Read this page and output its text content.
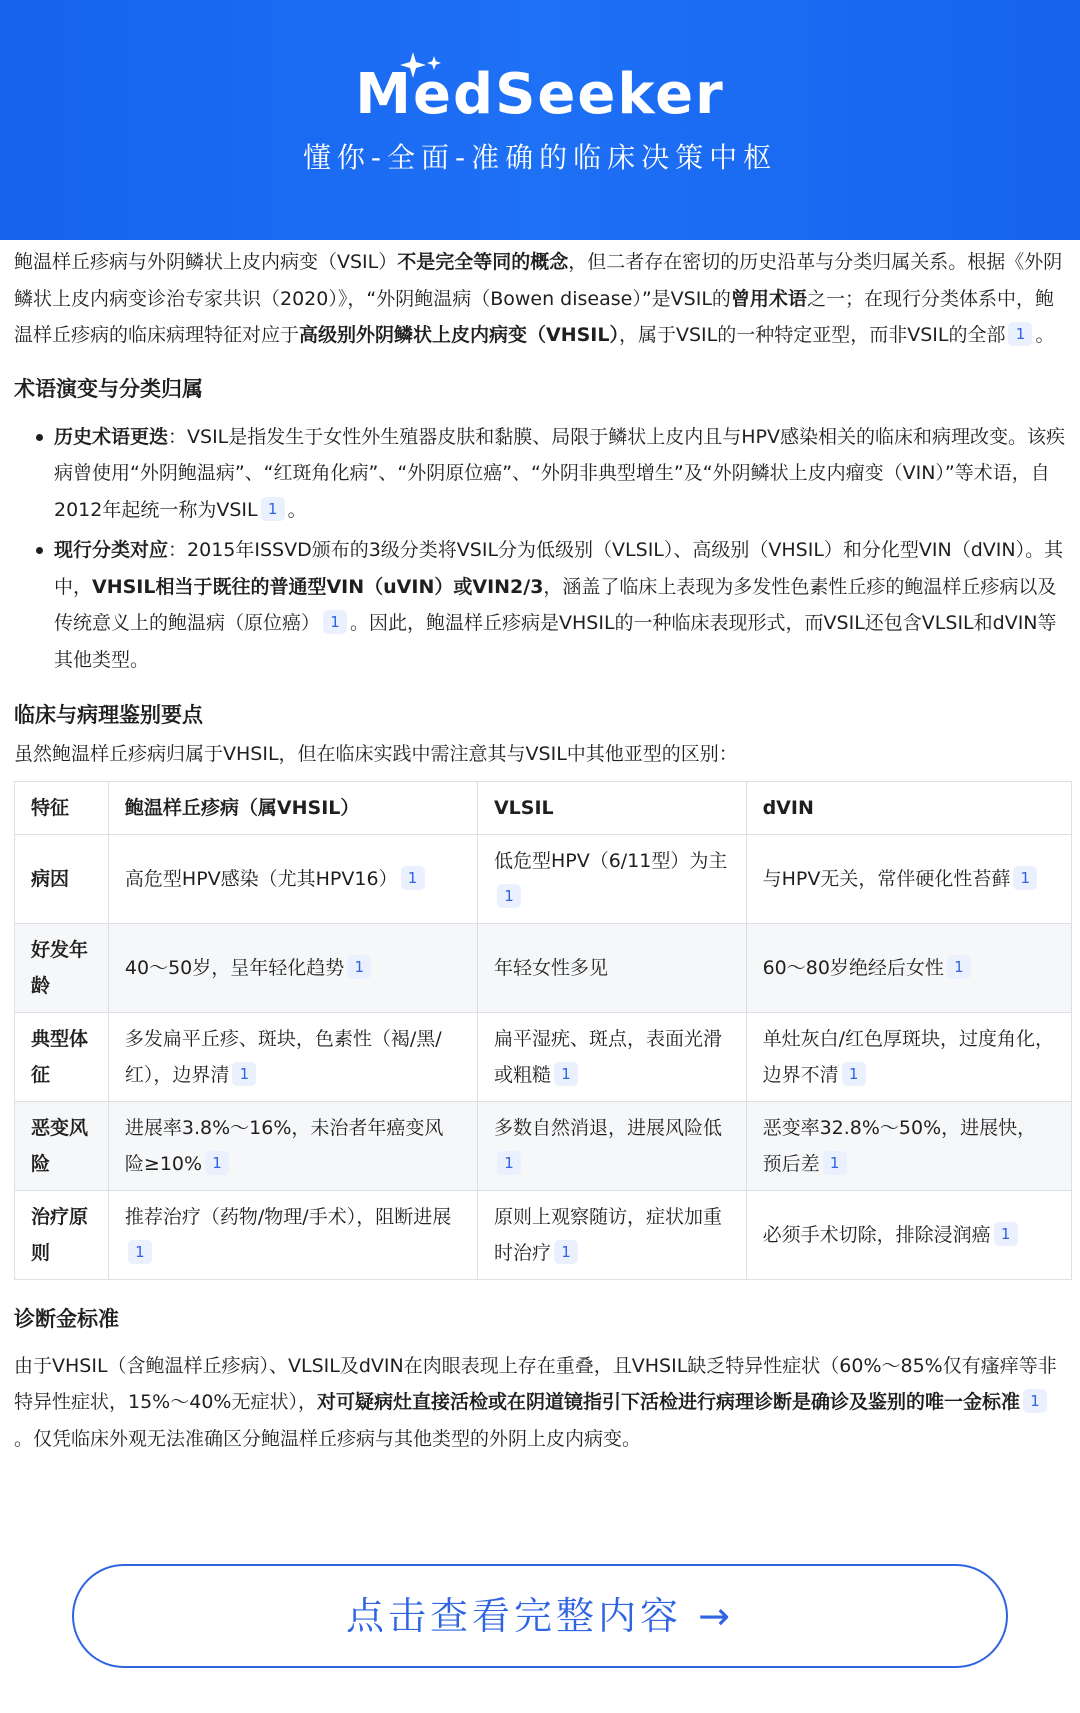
MedSeeker
懂你-全面-准确的临床决策中枢

鲍温样丘疹病与外阴鳞状上皮内病变（VSIL）不是完全等同的概念，但二者存在密切的历史沿革与分类归属关系。根据《外阴鳞状上皮内病变诊治专家共识（2020）》，“外阴鲍温病（Bowen disease）”是VSIL的曾用术语之一；在现行分类体系中，鲍温样丘疹病的临床病理特征对应于高级别外阴鳞状上皮内病变（VHSIL），属于VSIL的一种特定亚型，而非VSIL的全部 1 。

术语演变与分类归属
历史术语更迭：VSIL是指发生于女性外生殖器皮肤和黏膜、局限于鳞状上皮内且与HPV感染相关的临床和病理改变。该疾病曾使用“外阴鲍温病”、“红斑角化病”、“外阴原位癌”、“外阴非典型增生”及“外阴鳞状上皮内瘤变（VIN）”等术语，自2012年起统一称为VSIL 1 。
现行分类对应：2015年ISSVD颁布的3级分类将VSIL分为低级别（VLSIL）、高级别（VHSIL）和分化型VIN（dVIN）。其中，VHSIL相当于既往的普通型VIN（uVIN）或VIN2/3，涵盖了临床上表现为多发性色素性丘疹的鲍温样丘疹病以及传统意义上的鲍温病（原位癌） 1 。因此，鲍温样丘疹病是VHSIL的一种临床表现形式，而VSIL还包含VLSIL和dVIN等其他类型。
临床与病理鉴别要点

虽然鲍温样丘疹病归属于VHSIL，但在临床实践中需注意其与VSIL中其他亚型的区别：

特征	鲍温样丘疹病（属VHSIL）	VLSIL	dVIN
病因	高危型HPV感染（尤其HPV16） 1	低危型HPV（6/11型）为主1	与HPV无关，常伴硬化性苔藓 1
好发年龄	40～50岁，呈年轻化趋势 1	年轻女性多见	60～80岁绝经后女性 1
典型体征	多发扁平丘疹、斑块，色素性（褐/黑/红），边界清 1	扁平湿疣、斑点，表面光滑或粗糙 1	单灶灰白/红色厚斑块，过度角化，边界不清 1
恶变风险	进展率3.8%～16%，未治者年癌变风险≥10% 1	多数自然消退，进展风险低1	恶变率32.8%～50%，进展快，预后差 1
治疗原则	推荐治疗（药物/物理/手术），阻断进展1	原则上观察随访，症状加重时治疗 1	必须手术切除，排除浸润癌 1
诊断金标准

由于VHSIL（含鲍温样丘疹病）、VLSIL及dVIN在肉眼表现上存在重叠，且VHSIL缺乏特异性症状（60%～85%仅有瘙痒等非特异性症状，15%～40%无症状），对可疑病灶直接活检或在阴道镜指引下活检进行病理诊断是确诊及鉴别的唯一金标准 1。仅凭临床外观无法准确区分鲍温样丘疹病与其他类型的外阴上皮内病变。

点击查看完整内容 →
